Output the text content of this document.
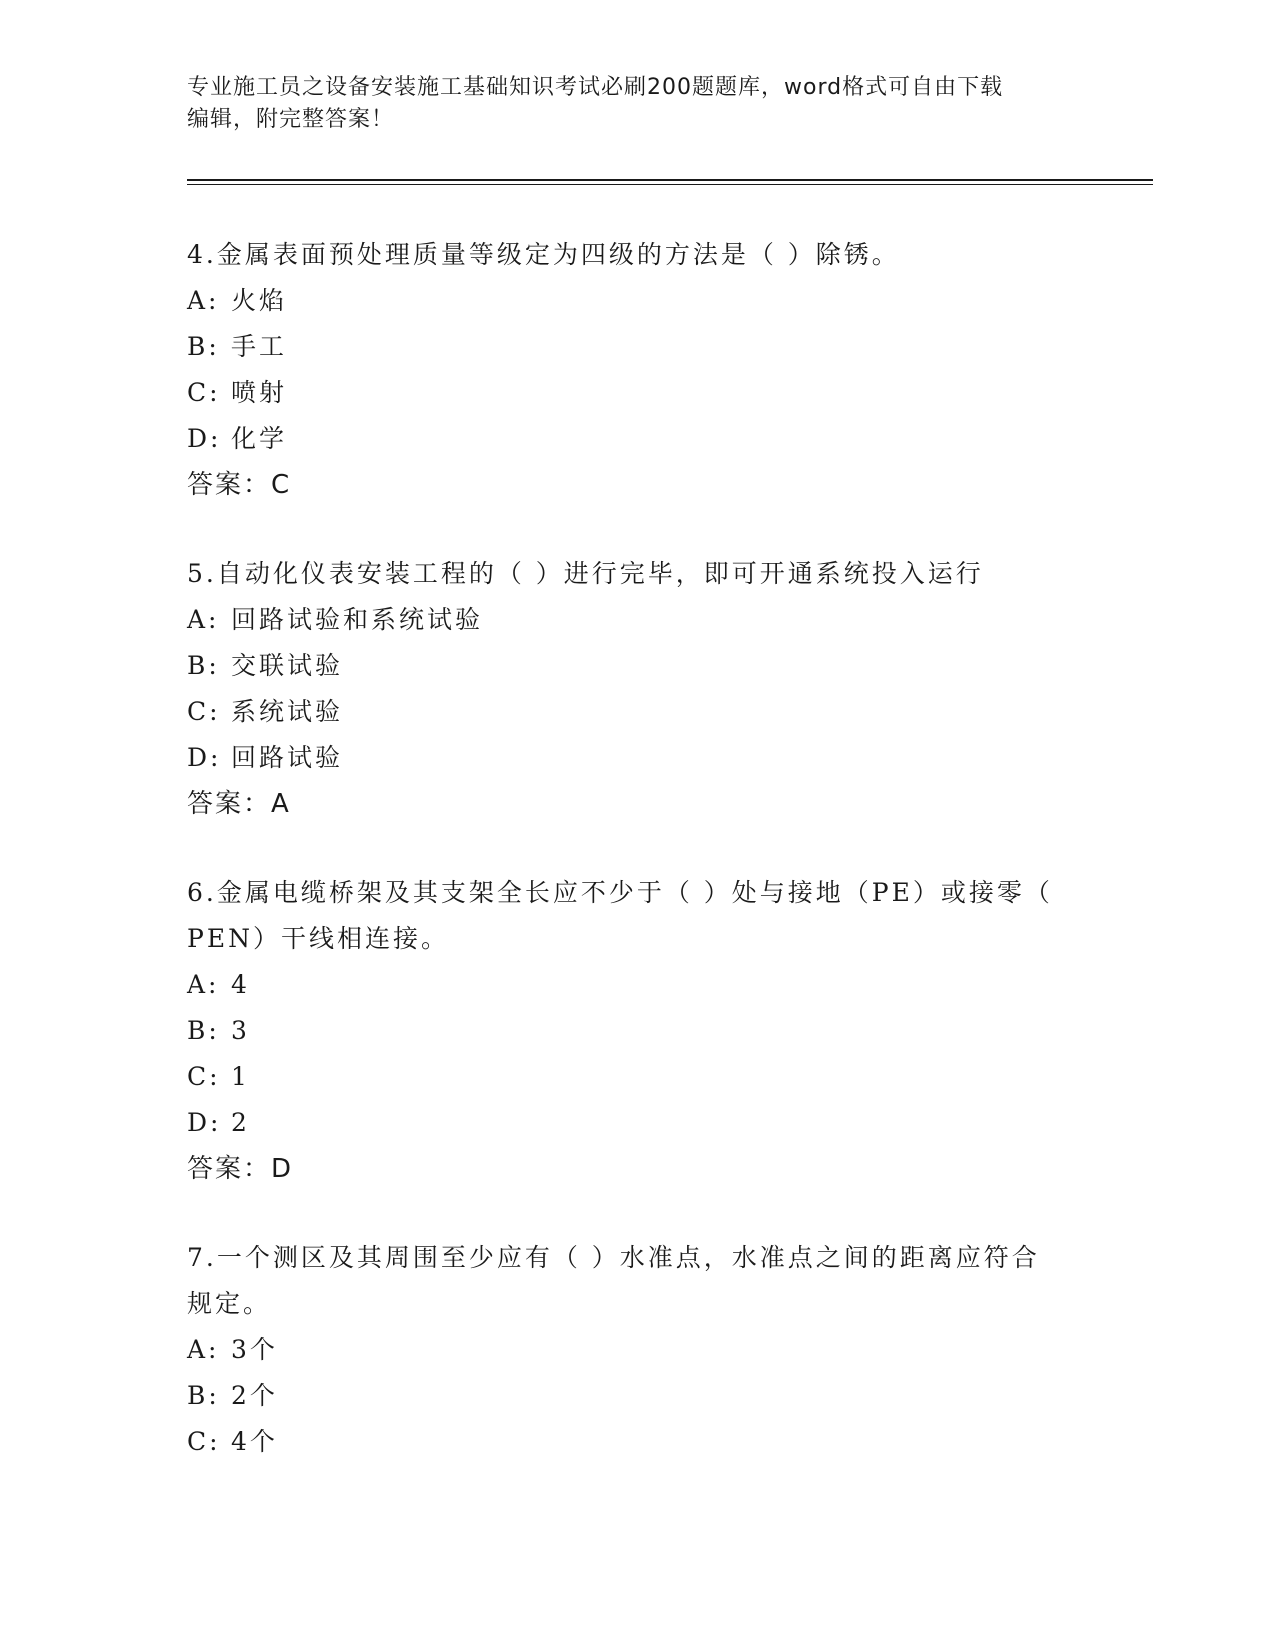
专业施工员之设备安装施工基础知识考试必刷200题题库，word格式可自由下载
编辑，附完整答案！
4.金属表面预处理质量等级定为四级的方法是（ ）除锈。
A: 火焰
B: 手工
C: 喷射
D: 化学
答案：C
5.自动化仪表安装工程的（ ）进行完毕，即可开通系统投入运行
A: 回路试验和系统试验
B: 交联试验
C: 系统试验
D: 回路试验
答案：A
6.金属电缆桥架及其支架全长应不少于（ ）处与接地（PE）或接零（
PEN）干线相连接。
A: 4
B: 3
C: 1
D: 2
答案：D
7.一个测区及其周围至少应有（ ）水准点，水准点之间的距离应符合
规定。
A: 3个
B: 2个
C: 4个
